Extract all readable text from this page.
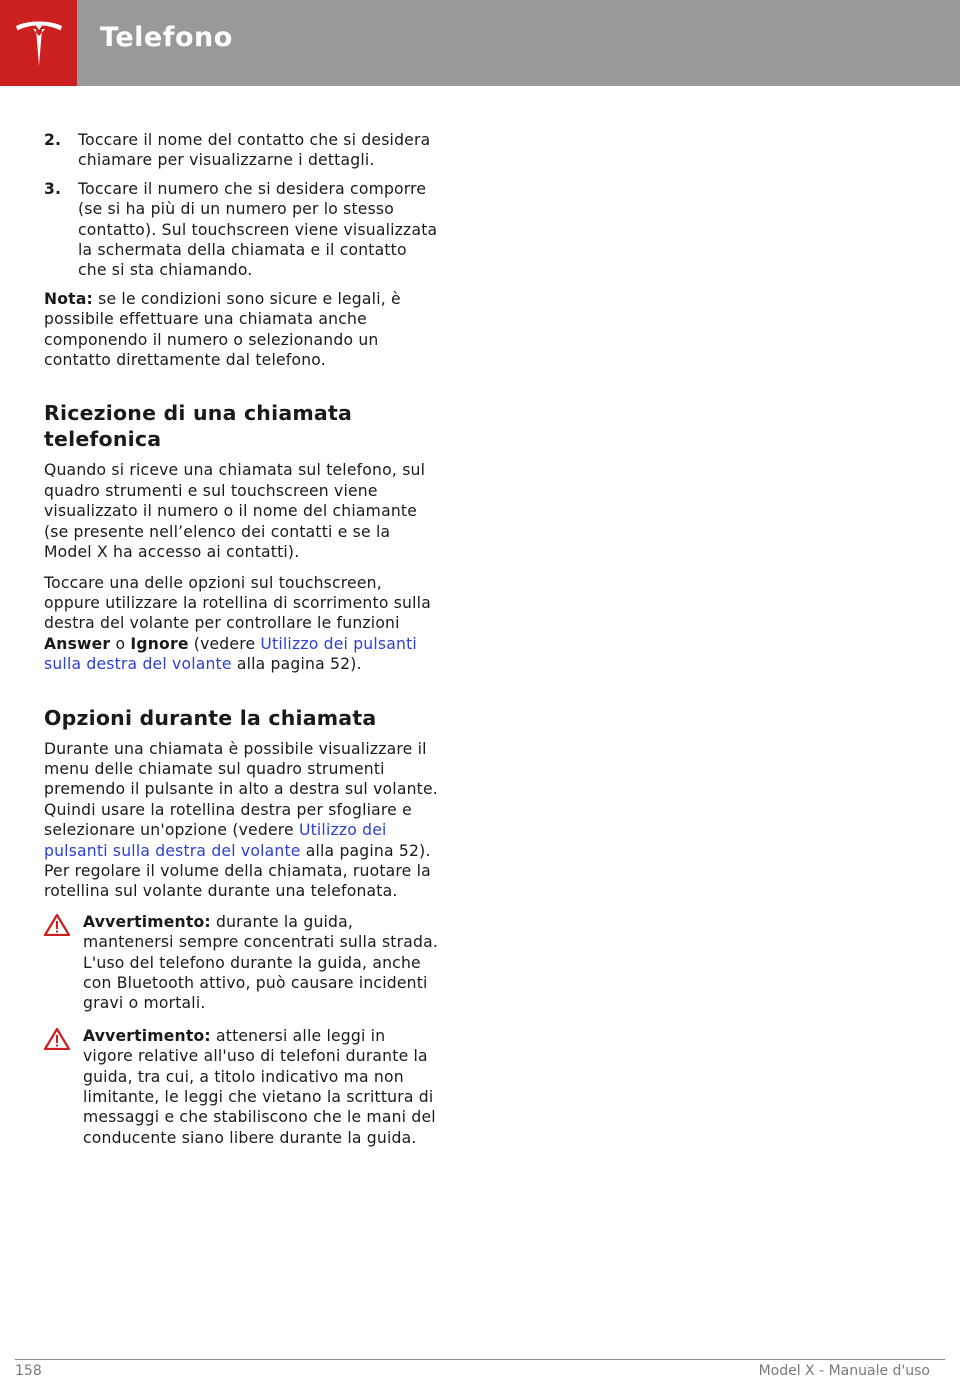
Telefono
2.	Toccare il nome del contatto che si desidera chiamare per visualizzarne i dettagli.
3.	Toccare il numero che si desidera comporre (se si ha più di un numero per lo stesso contatto). Sul touchscreen viene visualizzata la schermata della chiamata e il contatto che si sta chiamando.

Nota: se le condizioni sono sicure e legali, è possibile effettuare una chiamata anche componendo il numero o selezionando un contatto direttamente dal telefono.

Ricezione di una chiamata telefonica

Quando si riceve una chiamata sul telefono, sul quadro strumenti e sul touchscreen viene visualizzato il numero o il nome del chiamante (se presente nell’elenco dei contatti e se la Model X ha accesso ai contatti).

Toccare una delle opzioni sul touchscreen, oppure utilizzare la rotellina di scorrimento sulla destra del volante per controllare le funzioni Answer o Ignore (vedere Utilizzo dei pulsanti sulla destra del volante alla pagina 52).

Opzioni durante la chiamata

Durante una chiamata è possibile visualizzare il menu delle chiamate sul quadro strumenti premendo il pulsante in alto a destra sul volante. Quindi usare la rotellina destra per sfogliare e selezionare un'opzione (vedere Utilizzo dei pulsanti sulla destra del volante alla pagina 52). Per regolare il volume della chiamata, ruotare la rotellina sul volante durante una telefonata.

Avvertimento: durante la guida, mantenersi sempre concentrati sulla strada. L'uso del telefono durante la guida, anche con Bluetooth attivo, può causare incidenti gravi o mortali.
Avvertimento: attenersi alle leggi in vigore relative all'uso di telefoni durante la guida, tra cui, a titolo indicativo ma non limitante, le leggi che vietano la scrittura di messaggi e che stabiliscono che le mani del conducente siano libere durante la guida.
158	Model X - Manuale d'uso
